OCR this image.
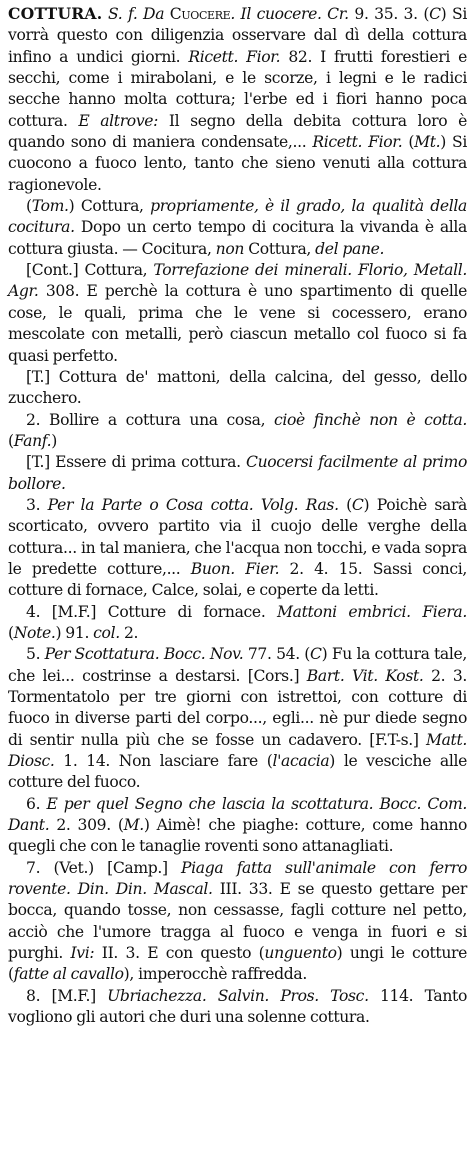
COTTURA. S. f. Da Cuocere. Il cuocere. Cr. 9. 35. 3. (C) Si vorrà questo con diligenzia osservare dal dì della cottura infino a undici giorni. Ricett. Fior. 82. I frutti forestieri e secchi, come i mirabolani, e le scorze, i legni e le radici secche hanno molta cottura; l'erbe ed i fiori hanno poca cottura. E altrove: Il segno della debita cottura loro è quando sono di maniera condensate,... Ricett. Fior. (Mt.) Si cuocono a fuoco lento, tanto che sieno venuti alla cottura ragionevole.

(Tom.) Cottura, propriamente, è il grado, la qualità della cocitura. Dopo un certo tempo di cocitura la vivanda è alla cottura giusta. — Cocitura, non Cottura, del pane.

[Cont.] Cottura, Torrefazione dei minerali. Florio, Metall. Agr. 308. E perchè la cottura è uno spartimento di quelle cose, le quali, prima che le vene si cocessero, erano mescolate con metalli, però ciascun metallo col fuoco si fa quasi perfetto.

[T.] Cottura de' mattoni, della calcina, del gesso, dello zucchero.

2. Bollire a cottura una cosa, cioè finchè non è cotta. (Fanf.)

[T.] Essere di prima cottura. Cuocersi facilmente al primo bollore.

3. Per la Parte o Cosa cotta. Volg. Ras. (C) Poichè sarà scorticato, ovvero partito via il cuojo delle verghe della cottura... in tal maniera, che l'acqua non tocchi, e vada sopra le predette cotture,... Buon. Fier. 2. 4. 15. Sassi conci, cotture di fornace, Calce, solai, e coperte da letti.

4. [M.F.] Cotture di fornace. Mattoni embrici. Fiera. (Note.) 91. col. 2.

5. Per Scottatura. Bocc. Nov. 77. 54. (C) Fu la cottura tale, che lei... costrinse a destarsi. [Cors.] Bart. Vit. Kost. 2. 3. Tormentatolo per tre giorni con istrettoi, con cotture di fuoco in diverse parti del corpo..., egli... nè pur diede segno di sentir nulla più che se fosse un cadavero. [F.T-s.] Matt. Diosc. 1. 14. Non lasciare fare (l'acacia) le vesciche alle cotture del fuoco.

6. E per quel Segno che lascia la scottatura. Bocc. Com. Dant. 2. 309. (M.) Aimè! che piaghe: cotture, come hanno quegli che con le tanaglie roventi sono attanagliati.

7. (Vet.) [Camp.] Piaga fatta sull'animale con ferro rovente. Din. Din. Mascal. III. 33. E se questo gettare per bocca, quando tosse, non cessasse, fagli cotture nel petto, acciò che l'umore tragga al fuoco e venga in fuori e si purghi. Ivi: II. 3. E con questo (unguento) ungi le cotture (fatte al cavallo), imperocchè raffredda.

8. [M.F.] Ubriachezza. Salvin. Pros. Tosc. 114. Tanto vogliono gli autori che duri una solenne cottura.
